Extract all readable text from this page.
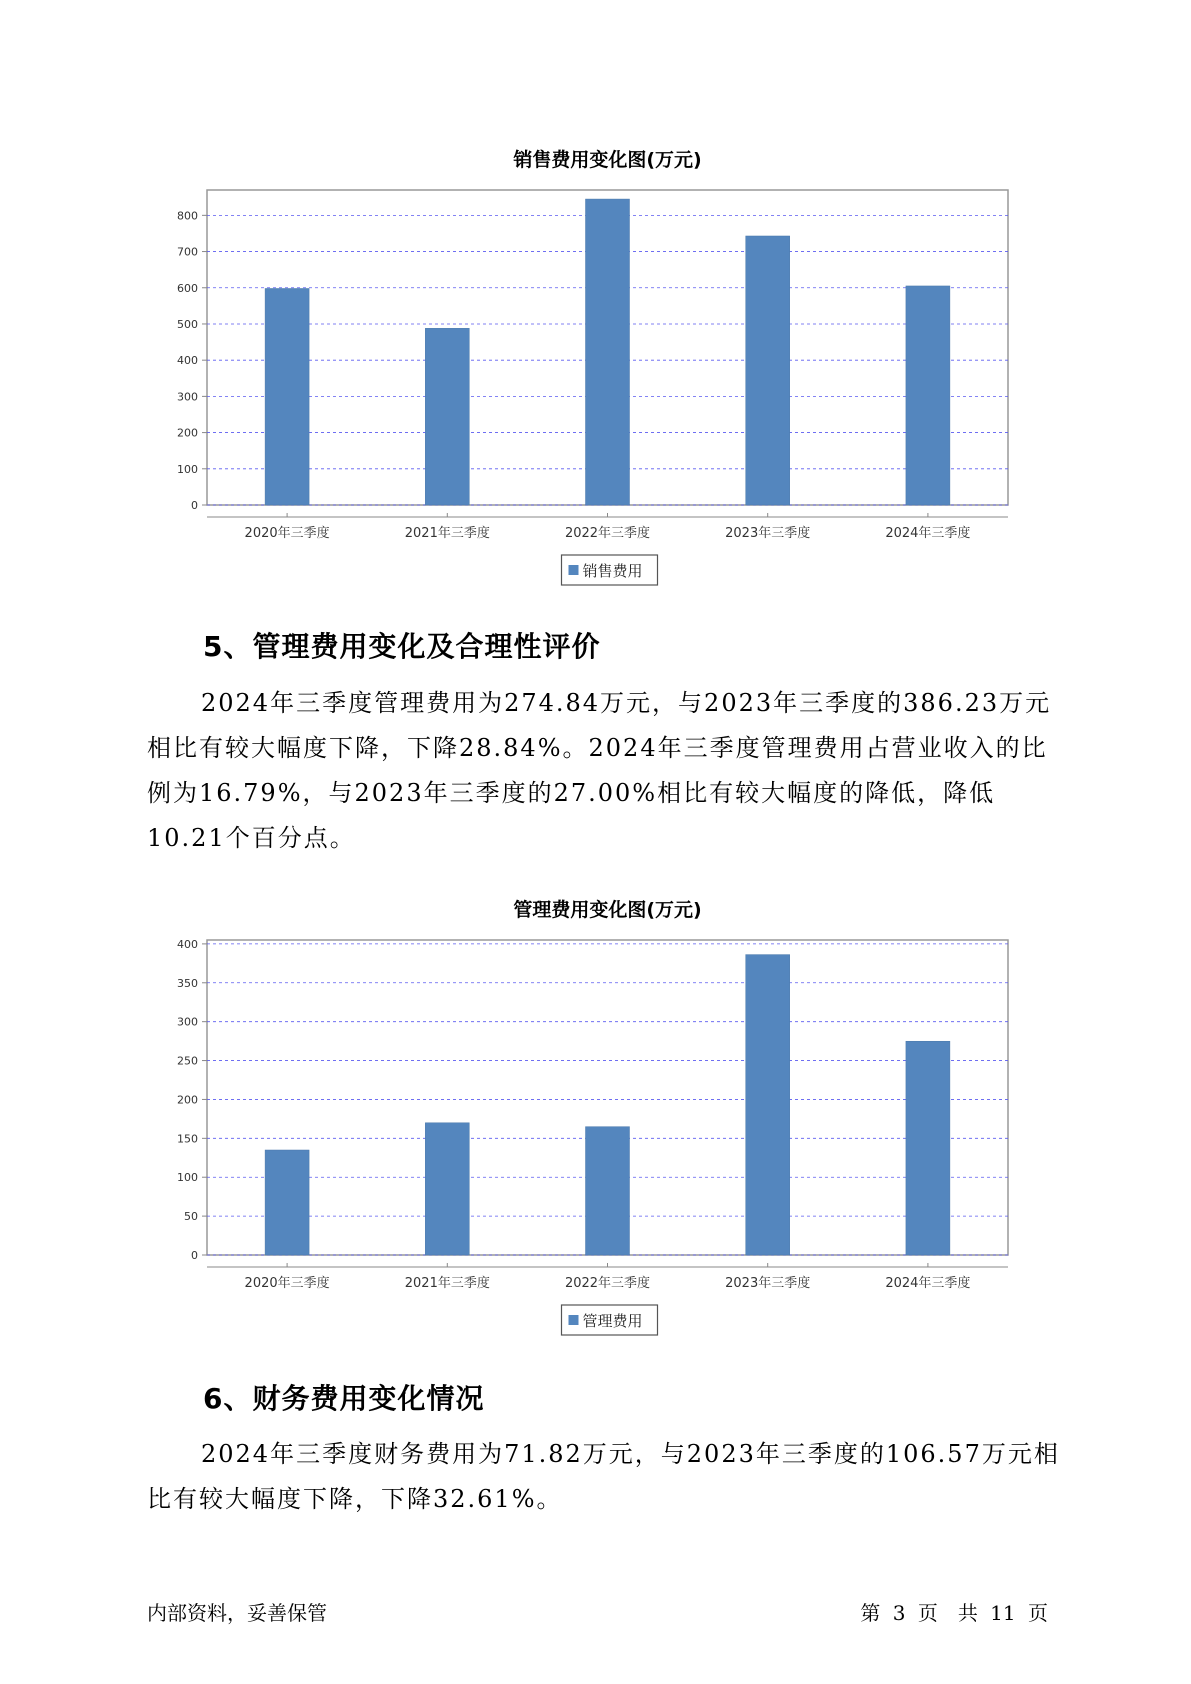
销售费用变化图(万元)
0
100
200
300
400
500
600
700
800
2020年三季度	2021年三季度	2022年三季度	2023年三季度	2024年三季度
销售费用
5、管理费用变化及合理性评价

2024年三季度管理费用为274.84万元，与2023年三季度的386.23万元相比有较大幅度下降，下降28.84%。2024年三季度管理费用占营业收入的比例为16.79%，与2023年三季度的27.00%相比有较大幅度的降低，降低10.21个百分点。

管理费用变化图(万元)
0
50
100
150
200
250
300
350
400
2020年三季度	2021年三季度	2022年三季度	2023年三季度	2024年三季度
管理费用
6、财务费用变化情况

2024年三季度财务费用为71.82万元，与2023年三季度的106.57万元相比有较大幅度下降，下降32.61%。

内部资料，妥善保管	第 3 页　共 11 页
